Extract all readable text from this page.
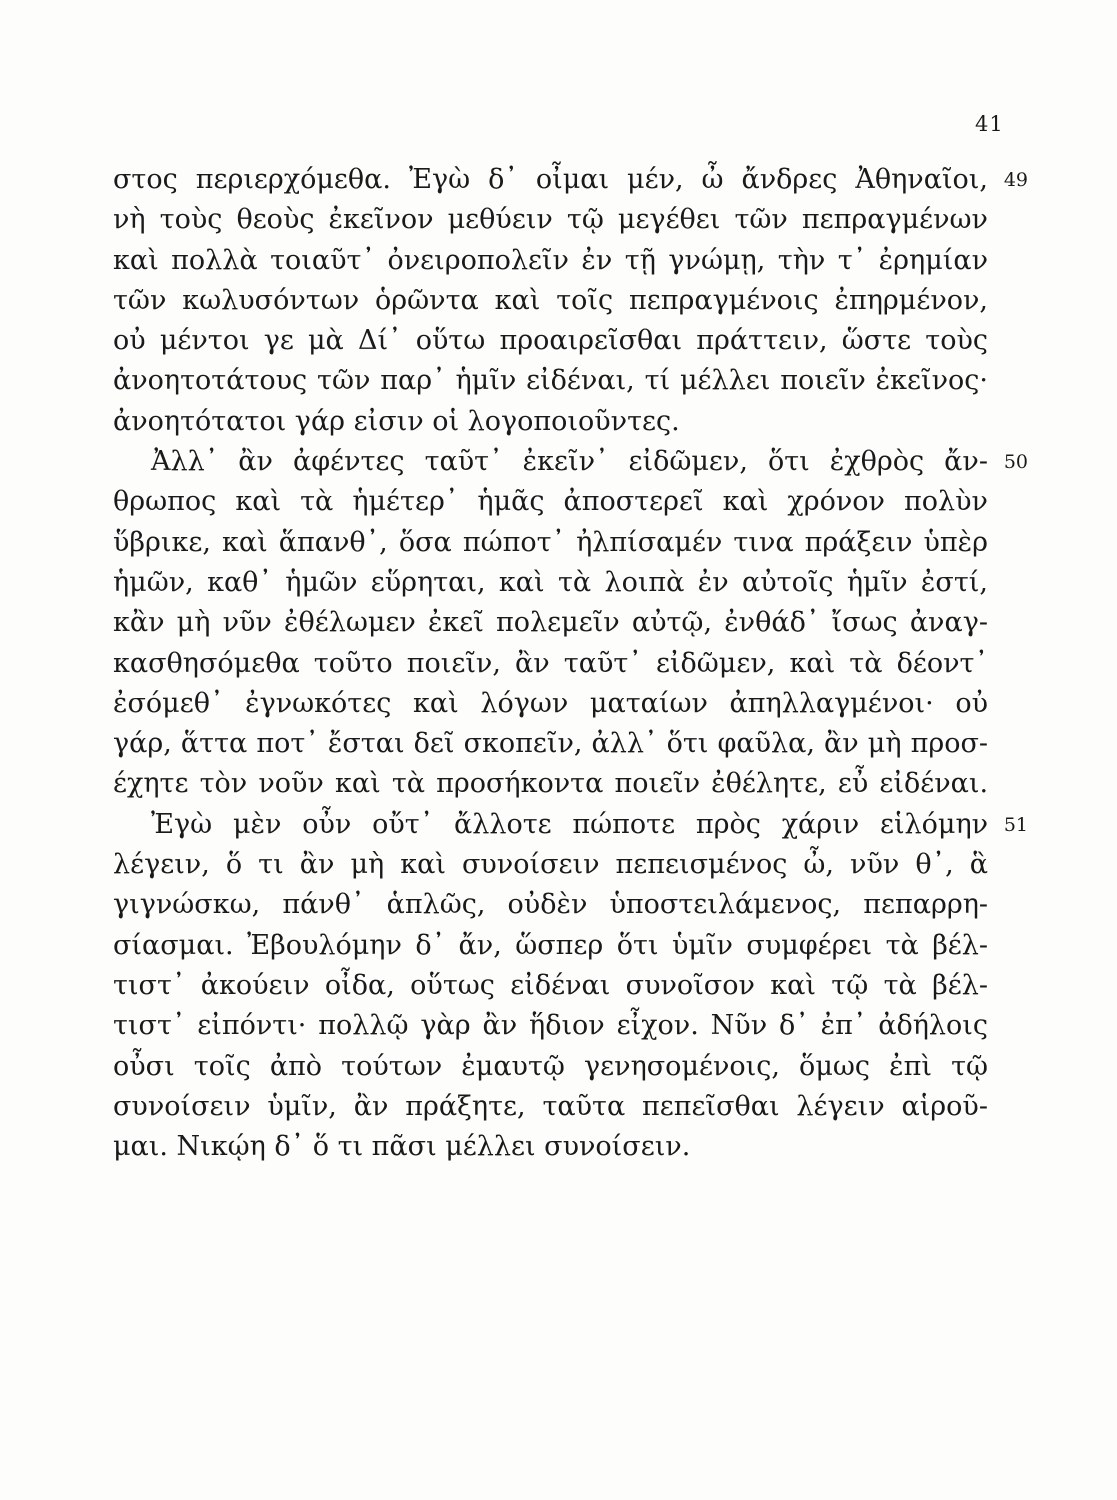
41
στος περιερχόμεθα. Ἐγὼ δ᾽ οἶμαι μέν, ὦ ἄνδρες Ἀθηναῖοι, 49
νὴ τοὺς θεοὺς ἐκεῖνον μεθύειν τῷ μεγέθει τῶν πεπραγμένων
καὶ πολλὰ τοιαῦτ᾽ ὀνειροπολεῖν ἐν τῇ γνώμῃ, τὴν τ᾽ ἐρημίαν
τῶν κωλυσόντων ὁρῶντα καὶ τοῖς πεπραγμένοις ἐπηρμένον,
οὐ μέντοι γε μὰ Δί᾽ οὕτω προαιρεῖσθαι πράττειν, ὥστε τοὺς
ἀνοητοτάτους τῶν παρ᾽ ἡμῖν εἰδέναι, τί μέλλει ποιεῖν ἐκεῖνος·
ἀνοητότατοι γάρ εἰσιν οἱ λογοποιοῦντες.
Ἀλλ᾽ ἂν ἀφέντες ταῦτ᾽ ἐκεῖν᾽ εἰδῶμεν, ὅτι ἐχθρὸς ἄν- 50
θρωπος καὶ τὰ ἡμέτερ᾽ ἡμᾶς ἀποστερεῖ καὶ χρόνον πολὺν
ὕβρικε, καὶ ἅπανθ᾽, ὅσα πώποτ᾽ ἠλπίσαμέν τινα πράξειν ὑπὲρ
ἡμῶν, καθ᾽ ἡμῶν εὕρηται, καὶ τὰ λοιπὰ ἐν αὐτοῖς ἡμῖν ἐστί,
κἂν μὴ νῦν ἐθέλωμεν ἐκεῖ πολεμεῖν αὐτῷ, ἐνθάδ᾽ ἴσως ἀναγ-
κασθησόμεθα τοῦτο ποιεῖν, ἂν ταῦτ᾽ εἰδῶμεν, καὶ τὰ δέοντ᾽
ἐσόμεθ᾽ ἐγνωκότες καὶ λόγων ματαίων ἀπηλλαγμένοι· οὐ
γάρ, ἅττα ποτ᾽ ἔσται δεῖ σκοπεῖν, ἀλλ᾽ ὅτι φαῦλα, ἂν μὴ προσ-
έχητε τὸν νοῦν καὶ τὰ προσήκοντα ποιεῖν ἐθέλητε, εὖ εἰδέναι.
Ἐγὼ μὲν οὖν οὔτ᾽ ἄλλοτε πώποτε πρὸς χάριν εἱλόμην 51
λέγειν, ὅ τι ἂν μὴ καὶ συνοίσειν πεπεισμένος ὦ, νῦν θ᾽, ἃ
γιγνώσκω, πάνθ᾽ ἁπλῶς, οὐδὲν ὑποστειλάμενος, πεπαρρη-
σίασμαι. Ἐβουλόμην δ᾽ ἄν, ὥσπερ ὅτι ὑμῖν συμφέρει τὰ βέλ-
τιστ᾽ ἀκούειν οἶδα, οὕτως εἰδέναι συνοῖσον καὶ τῷ τὰ βέλ-
τιστ᾽ εἰπόντι· πολλῷ γὰρ ἂν ἥδιον εἶχον. Νῦν δ᾽ ἐπ᾽ ἀδήλοις
οὖσι τοῖς ἀπὸ τούτων ἐμαυτῷ γενησομένοις, ὅμως ἐπὶ τῷ
συνοίσειν ὑμῖν, ἂν πράξητε, ταῦτα πεπεῖσθαι λέγειν αἱροῦ-
μαι. Νικῴη δ᾽ ὅ τι πᾶσι μέλλει συνοίσειν.
